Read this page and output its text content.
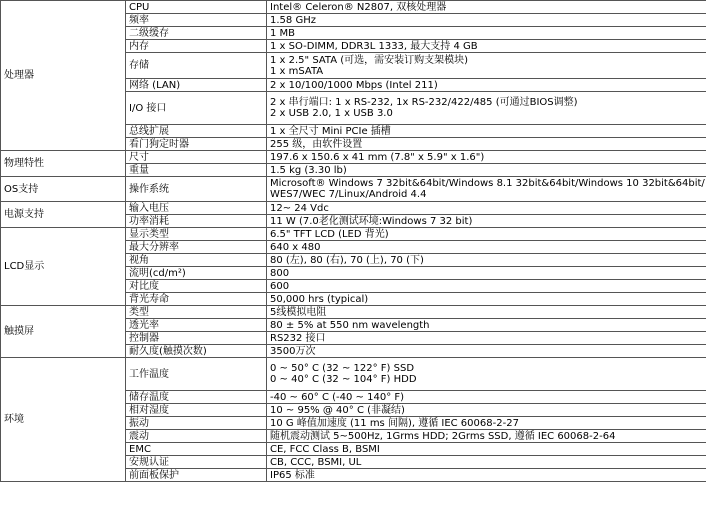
处理器	CPU	Intel® Celeron® N2807, 双核处理器
	频率	1.58 GHz
	二级缓存	1 MB
	内存	1 x SO-DIMM, DDR3L 1333, 最大支持 4 GB
	存储	1 x 2.5" SATA (可选，需安装订购支架模块)
1 x mSATA

	网络 (LAN)	2 x 10/100/1000 Mbps (Intel 211)
	I/O 接口	2 x 串行端口: 1 x RS-232, 1x RS-232/422/485 (可通过BIOS调整)
2 x USB 2.0, 1 x USB 3.0

	总线扩展	1 x 全尺寸 Mini PCIe 插槽
	看门狗定时器	255 级，由软件设置
物理特性	尺寸	197.6 x 150.6 x 41 mm (7.8" x 5.9" x 1.6")
	重量	1.5 kg (3.30 lb)
OS支持	操作系统	Microsoft® Windows 7 32bit&64bit/Windows 8.1 32bit&64bit/Windows 10 32bit&64bit/
WES7/WEC 7/Linux/Android 4.4

电源支持	输入电压	12~ 24 Vdc
	功率消耗	11 W (7.0老化测试环境:Windows 7 32 bit)
LCD显示	显示类型	6.5" TFT LCD (LED 背光)
	最大分辨率	640 x 480
	视角	80 (左), 80 (右), 70 (上), 70 (下)
	流明(cd/m²)	800
	对比度	600
	背光寿命	50,000 hrs (typical)
触摸屏	类型	5线模拟电阻
	透光率	80 ± 5% at 550 nm wavelength
	控制器	RS232 接口
	耐久度(触摸次数)	3500万次
环境	工作温度	0 ~ 50° C (32 ~ 122° F) SSD
0 ~ 40° C (32 ~ 104° F) HDD

	储存温度	-40 ~ 60° C (-40 ~ 140° F)
	相对湿度	10 ~ 95% @ 40° C (非凝结)
	振动	10 G 峰值加速度 (11 ms 间隔), 遵循 IEC 60068-2-27
	震动	随机震动测试 5~500Hz, 1Grms HDD; 2Grms SSD, 遵循 IEC 60068-2-64
	EMC	CE, FCC Class B, BSMI
	安规认证	CB, CCC, BSMI, UL
	前面板保护	IP65 标准
